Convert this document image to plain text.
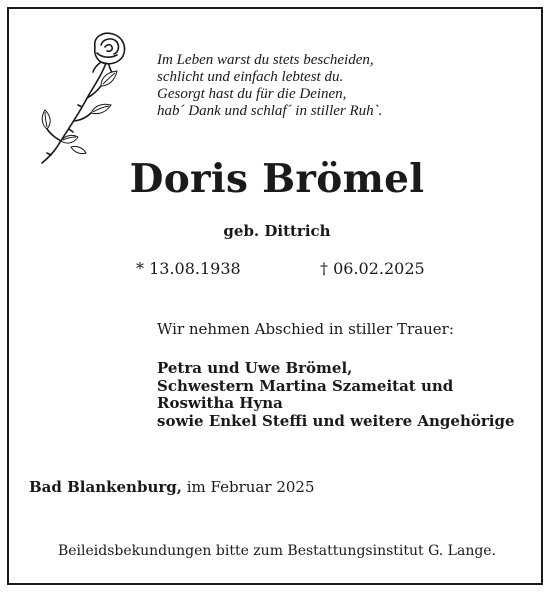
Im Leben warst du stets bescheiden,
schlicht und einfach lebtest du.
Gesorgt hast du für die Deinen,
hab´ Dank und schlaf´ in stiller Ruh`.

Doris Brömel
geb. Dittrich
* 13.08.1938	† 06.02.2025
Wir nehmen Abschied in stiller Trauer:
Petra und Uwe Brömel,
Schwestern Martina Szameitat und
Roswitha Hyna
sowie Enkel Steffi und weitere Angehörige
Bad Blankenburg, im Februar 2025
Beileidsbekundungen bitte zum Bestattungsinstitut G. Lange.
